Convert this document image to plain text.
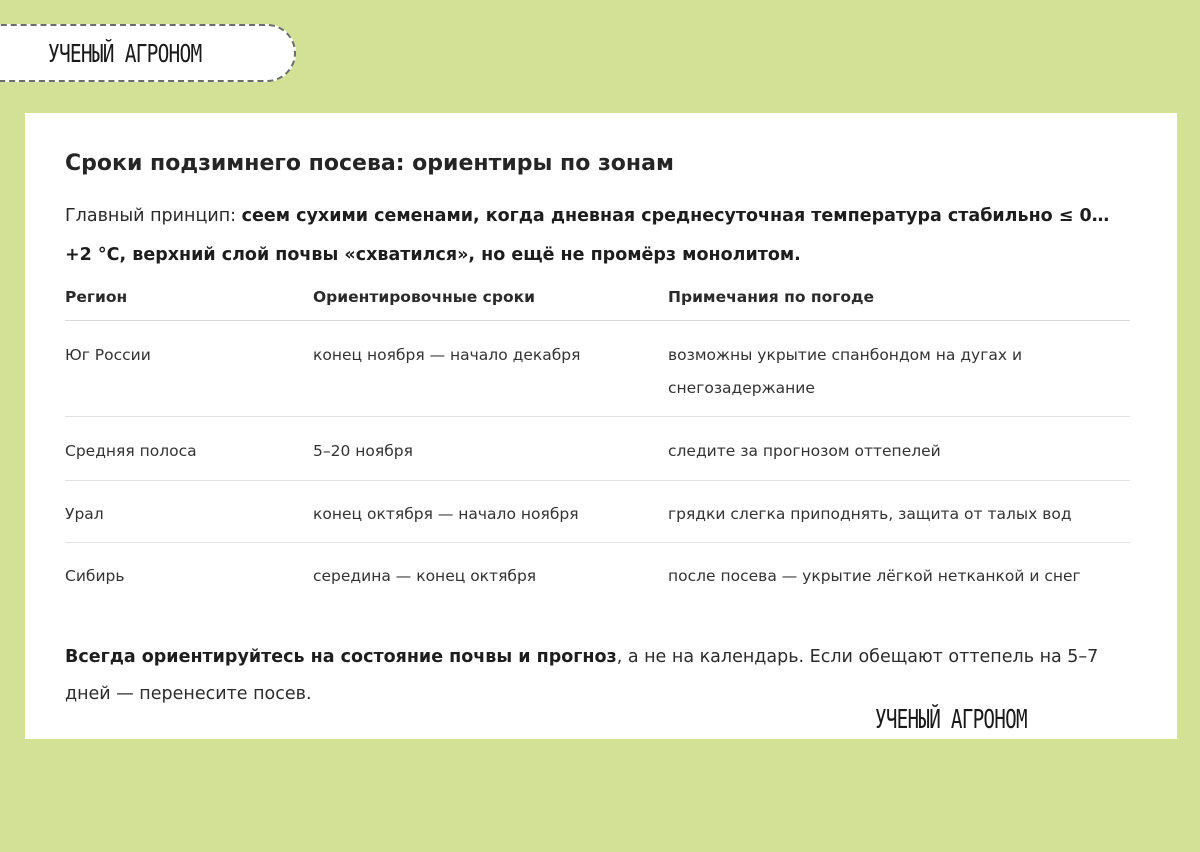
УЧЕНЫЙ АГРОНОМ
Сроки подзимнего посева: ориентиры по зонам
Главный принцип: сеем сухими семенами, когда дневная среднесуточная температура стабильно ≤ 0…+2 °C, верхний слой почвы «схватился», но ещё не промёрз монолитом.
Регион	Ориентировочные сроки	Примечания по погоде
Юг России	конец ноября — начало декабря	возможны укрытие спанбондом на дугах и снегозадержание
Средняя полоса	5–20 ноября	следите за прогнозом оттепелей
Урал	конец октября — начало ноября	грядки слегка приподнять, защита от талых вод
Сибирь	середина — конец октября	после посева — укрытие лёгкой нетканкой и снег
Всегда ориентируйтесь на состояние почвы и прогноз, а не на календарь. Если обещают оттепель на 5–7 дней — перенесите посев.
УЧЕНЫЙ АГРОНОМ
